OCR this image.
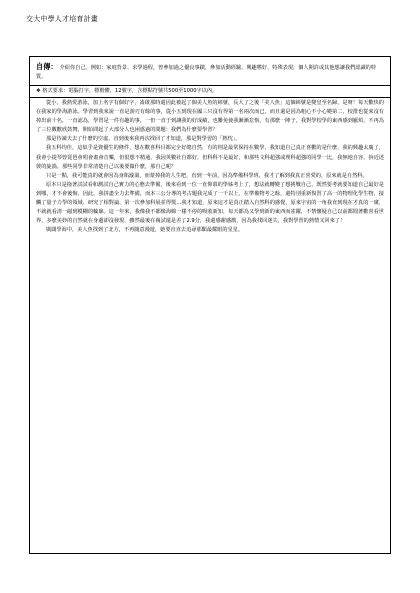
交大中學人才培育計畫
自傳： 介紹你自己。例如：家庭背景、求學過程，曾參加過之優良事蹟，參加活動經驗、興趣嗜好、特殊表現，個人期許或其他想讓我們認識的特質。
❖ 格式要求：電腦打字，標楷體，12號字，含標點符號共500至1000字以內。

從小，我熱愛游泳，加上名字有個好字，崙啟那時還因此被起了個美人魚的綽號，長大了之後「美人魚」這個綽號是變皇至名歸，是呀！每天歡快的在我家的學海游泳。學習到我來說一直是游刃有餘的事，從小五到現在國三只沒有得第一名兩次而已，而且還是因為粗心不小心變第二，校排也從來沒有掉出前十名，一直認為，學習是一件有趣的事，一但一直于到讓我的好成績，也難免使我漸漸怠惰，有那麼一陣子，我對學校學的東西感到厭煩，不再為了三位數歡欣鼓舞，開始問起了大部分人也困惑過的問題：我們為什麼要學習？

那是待讀夫去了什麼的空虛，直到後來我再次找回了才知道，那是對學習的「熱忱」。

我五科均佳，這似乎是資優生的條件，想在歡喜科目都完全好總自然，有的則是最常保持在數學，我知道自己真正喜歡的是什麼，我的興趣太廣了，我會小提琴曾琵琶會唱會畫會音樂，但很想不精通，我因英數社自都好，但科科不是最好，和那些文科超強或理科超強的同學一比，我無地自容，拚近述彼的旋渦。那些同學非常清楚自己以後要做什麼，那自己呢？

只是一點，我可能真的就會因為身陷漩渦，而蒙掉我的人生吧，直到一年前，因為準備科學班，我才了解到我真正喜愛的，原來就是自然科。

原本只是拖著試試看和測試自己實力的心態去準備，後來看到一位一直仰慕的學姊考上了，想法就轉變了想挑戰自己，既然要考就要知道自己最好是到哪，才不會後悔，因此，我拼盡全力去準備，而本三公分導的考古題我完成了一千以上，在準備物考之餘，還特別重新復習了高一的物理化學生物，接觸了量子力學的領域、研究了相對論、第一次參加科展並得獎…我才知道，原來這才是真正踏入自然科的感覺，原來宇宙的一角我直到現在才真的一窺，不就就看清一磁到模糊的輪廓。這一年來，我像我不都像海綿一樣不停的吸收新知，每天都為又學到新的東西而雀躍，不禁懷疑自己以前都閒著歡喜看世界，多麼美妙的自然就在身邊卻沒發現，雖然最後在複試還是差了2.9分，我還感謝感激，因為我找回迷失，我對學習的熱情又回來了！

廣闊學海中，美人魚找到了北方，不再隨意漫遊，她要直直去追尋那顆最耀眼的星星。
